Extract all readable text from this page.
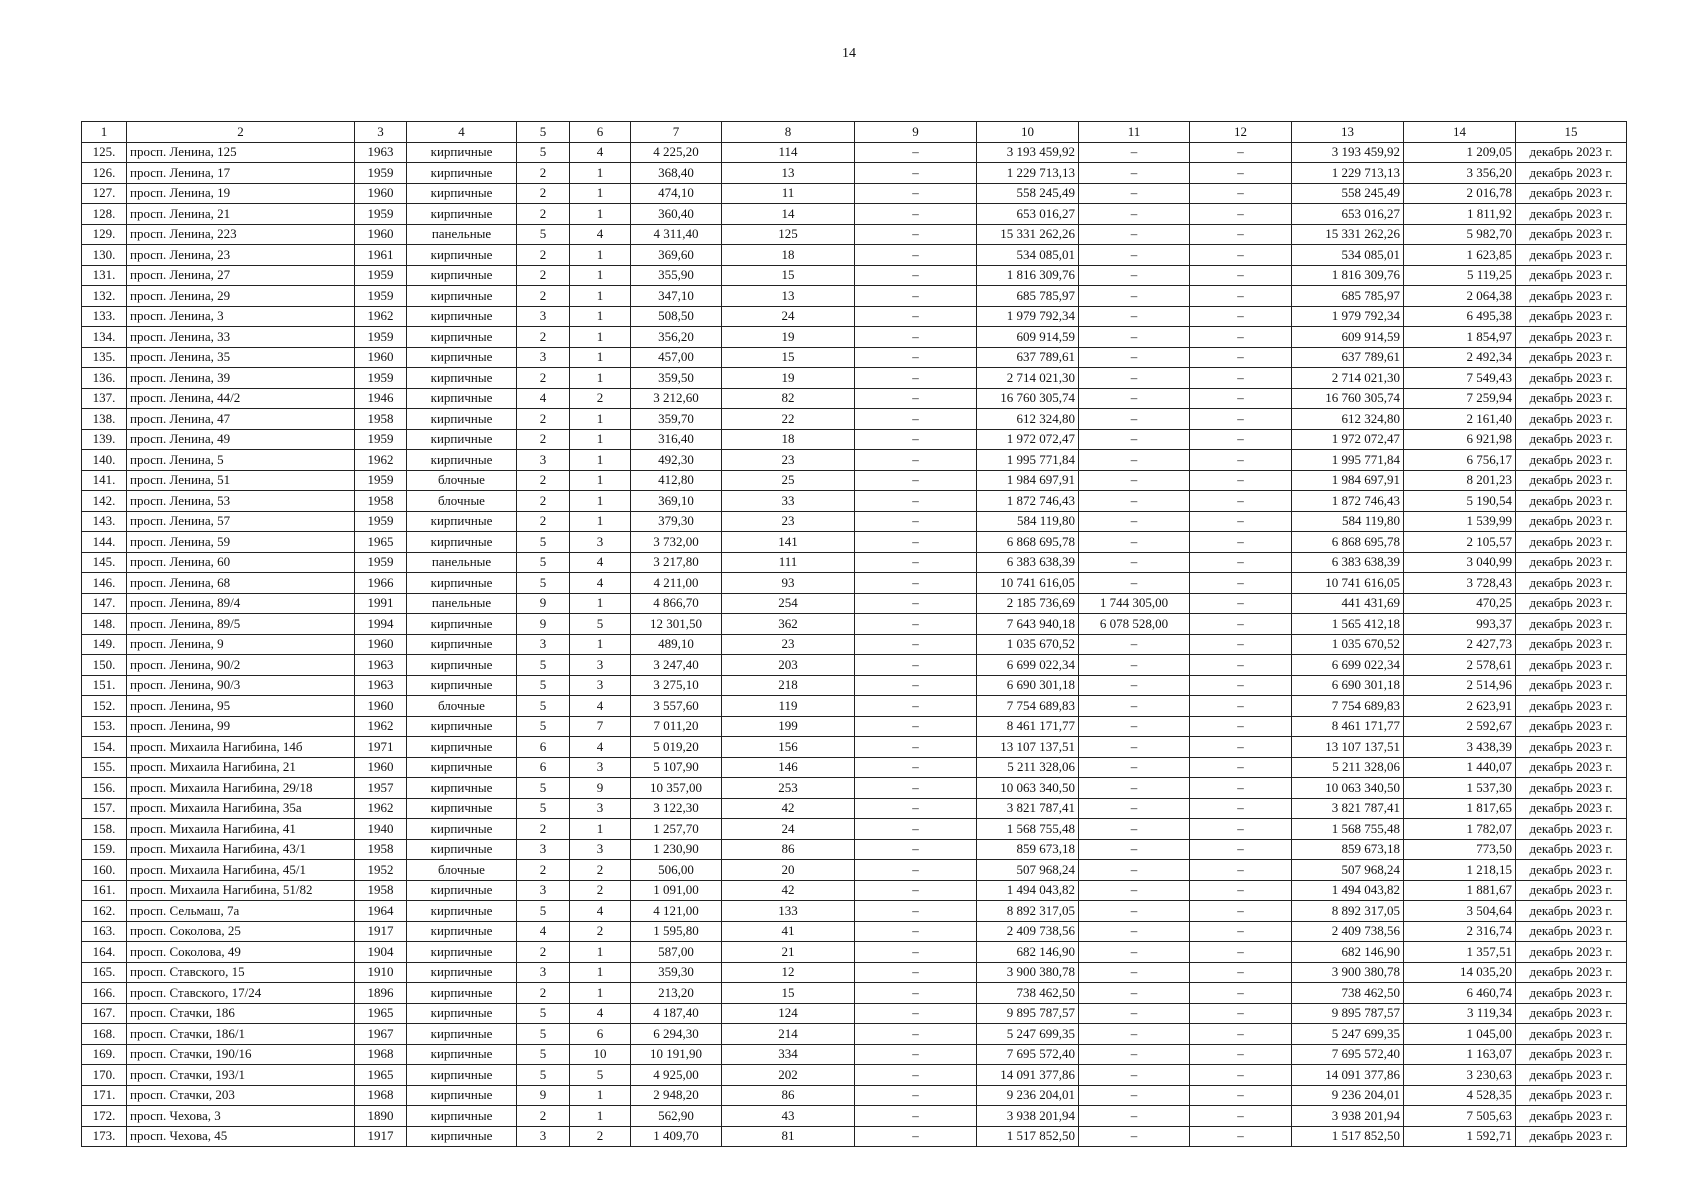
14
1	2	3	4	5	6	7	8	9	10	11	12	13	14	15
125.	просп. Ленина, 125	1963	кирпичные	5	4	4 225,20	114	–	3 193 459,92	–	–	3 193 459,92	1 209,05	декабрь 2023 г.
126.	просп. Ленина, 17	1959	кирпичные	2	1	368,40	13	–	1 229 713,13	–	–	1 229 713,13	3 356,20	декабрь 2023 г.
127.	просп. Ленина, 19	1960	кирпичные	2	1	474,10	11	–	558 245,49	–	–	558 245,49	2 016,78	декабрь 2023 г.
128.	просп. Ленина, 21	1959	кирпичные	2	1	360,40	14	–	653 016,27	–	–	653 016,27	1 811,92	декабрь 2023 г.
129.	просп. Ленина, 223	1960	панельные	5	4	4 311,40	125	–	15 331 262,26	–	–	15 331 262,26	5 982,70	декабрь 2023 г.
130.	просп. Ленина, 23	1961	кирпичные	2	1	369,60	18	–	534 085,01	–	–	534 085,01	1 623,85	декабрь 2023 г.
131.	просп. Ленина, 27	1959	кирпичные	2	1	355,90	15	–	1 816 309,76	–	–	1 816 309,76	5 119,25	декабрь 2023 г.
132.	просп. Ленина, 29	1959	кирпичные	2	1	347,10	13	–	685 785,97	–	–	685 785,97	2 064,38	декабрь 2023 г.
133.	просп. Ленина, 3	1962	кирпичные	3	1	508,50	24	–	1 979 792,34	–	–	1 979 792,34	6 495,38	декабрь 2023 г.
134.	просп. Ленина, 33	1959	кирпичные	2	1	356,20	19	–	609 914,59	–	–	609 914,59	1 854,97	декабрь 2023 г.
135.	просп. Ленина, 35	1960	кирпичные	3	1	457,00	15	–	637 789,61	–	–	637 789,61	2 492,34	декабрь 2023 г.
136.	просп. Ленина, 39	1959	кирпичные	2	1	359,50	19	–	2 714 021,30	–	–	2 714 021,30	7 549,43	декабрь 2023 г.
137.	просп. Ленина, 44/2	1946	кирпичные	4	2	3 212,60	82	–	16 760 305,74	–	–	16 760 305,74	7 259,94	декабрь 2023 г.
138.	просп. Ленина, 47	1958	кирпичные	2	1	359,70	22	–	612 324,80	–	–	612 324,80	2 161,40	декабрь 2023 г.
139.	просп. Ленина, 49	1959	кирпичные	2	1	316,40	18	–	1 972 072,47	–	–	1 972 072,47	6 921,98	декабрь 2023 г.
140.	просп. Ленина, 5	1962	кирпичные	3	1	492,30	23	–	1 995 771,84	–	–	1 995 771,84	6 756,17	декабрь 2023 г.
141.	просп. Ленина, 51	1959	блочные	2	1	412,80	25	–	1 984 697,91	–	–	1 984 697,91	8 201,23	декабрь 2023 г.
142.	просп. Ленина, 53	1958	блочные	2	1	369,10	33	–	1 872 746,43	–	–	1 872 746,43	5 190,54	декабрь 2023 г.
143.	просп. Ленина, 57	1959	кирпичные	2	1	379,30	23	–	584 119,80	–	–	584 119,80	1 539,99	декабрь 2023 г.
144.	просп. Ленина, 59	1965	кирпичные	5	3	3 732,00	141	–	6 868 695,78	–	–	6 868 695,78	2 105,57	декабрь 2023 г.
145.	просп. Ленина, 60	1959	панельные	5	4	3 217,80	111	–	6 383 638,39	–	–	6 383 638,39	3 040,99	декабрь 2023 г.
146.	просп. Ленина, 68	1966	кирпичные	5	4	4 211,00	93	–	10 741 616,05	–	–	10 741 616,05	3 728,43	декабрь 2023 г.
147.	просп. Ленина, 89/4	1991	панельные	9	1	4 866,70	254	–	2 185 736,69	1 744 305,00	–	441 431,69	470,25	декабрь 2023 г.
148.	просп. Ленина, 89/5	1994	кирпичные	9	5	12 301,50	362	–	7 643 940,18	6 078 528,00	–	1 565 412,18	993,37	декабрь 2023 г.
149.	просп. Ленина, 9	1960	кирпичные	3	1	489,10	23	–	1 035 670,52	–	–	1 035 670,52	2 427,73	декабрь 2023 г.
150.	просп. Ленина, 90/2	1963	кирпичные	5	3	3 247,40	203	–	6 699 022,34	–	–	6 699 022,34	2 578,61	декабрь 2023 г.
151.	просп. Ленина, 90/3	1963	кирпичные	5	3	3 275,10	218	–	6 690 301,18	–	–	6 690 301,18	2 514,96	декабрь 2023 г.
152.	просп. Ленина, 95	1960	блочные	5	4	3 557,60	119	–	7 754 689,83	–	–	7 754 689,83	2 623,91	декабрь 2023 г.
153.	просп. Ленина, 99	1962	кирпичные	5	7	7 011,20	199	–	8 461 171,77	–	–	8 461 171,77	2 592,67	декабрь 2023 г.
154.	просп. Михаила Нагибина, 14б	1971	кирпичные	6	4	5 019,20	156	–	13 107 137,51	–	–	13 107 137,51	3 438,39	декабрь 2023 г.
155.	просп. Михаила Нагибина, 21	1960	кирпичные	6	3	5 107,90	146	–	5 211 328,06	–	–	5 211 328,06	1 440,07	декабрь 2023 г.
156.	просп. Михаила Нагибина, 29/18	1957	кирпичные	5	9	10 357,00	253	–	10 063 340,50	–	–	10 063 340,50	1 537,30	декабрь 2023 г.
157.	просп. Михаила Нагибина, 35а	1962	кирпичные	5	3	3 122,30	42	–	3 821 787,41	–	–	3 821 787,41	1 817,65	декабрь 2023 г.
158.	просп. Михаила Нагибина, 41	1940	кирпичные	2	1	1 257,70	24	–	1 568 755,48	–	–	1 568 755,48	1 782,07	декабрь 2023 г.
159.	просп. Михаила Нагибина, 43/1	1958	кирпичные	3	3	1 230,90	86	–	859 673,18	–	–	859 673,18	773,50	декабрь 2023 г.
160.	просп. Михаила Нагибина, 45/1	1952	блочные	2	2	506,00	20	–	507 968,24	–	–	507 968,24	1 218,15	декабрь 2023 г.
161.	просп. Михаила Нагибина, 51/82	1958	кирпичные	3	2	1 091,00	42	–	1 494 043,82	–	–	1 494 043,82	1 881,67	декабрь 2023 г.
162.	просп. Сельмаш, 7а	1964	кирпичные	5	4	4 121,00	133	–	8 892 317,05	–	–	8 892 317,05	3 504,64	декабрь 2023 г.
163.	просп. Соколова, 25	1917	кирпичные	4	2	1 595,80	41	–	2 409 738,56	–	–	2 409 738,56	2 316,74	декабрь 2023 г.
164.	просп. Соколова, 49	1904	кирпичные	2	1	587,00	21	–	682 146,90	–	–	682 146,90	1 357,51	декабрь 2023 г.
165.	просп. Ставского, 15	1910	кирпичные	3	1	359,30	12	–	3 900 380,78	–	–	3 900 380,78	14 035,20	декабрь 2023 г.
166.	просп. Ставского, 17/24	1896	кирпичные	2	1	213,20	15	–	738 462,50	–	–	738 462,50	6 460,74	декабрь 2023 г.
167.	просп. Стачки, 186	1965	кирпичные	5	4	4 187,40	124	–	9 895 787,57	–	–	9 895 787,57	3 119,34	декабрь 2023 г.
168.	просп. Стачки, 186/1	1967	кирпичные	5	6	6 294,30	214	–	5 247 699,35	–	–	5 247 699,35	1 045,00	декабрь 2023 г.
169.	просп. Стачки, 190/16	1968	кирпичные	5	10	10 191,90	334	–	7 695 572,40	–	–	7 695 572,40	1 163,07	декабрь 2023 г.
170.	просп. Стачки, 193/1	1965	кирпичные	5	5	4 925,00	202	–	14 091 377,86	–	–	14 091 377,86	3 230,63	декабрь 2023 г.
171.	просп. Стачки, 203	1968	кирпичные	9	1	2 948,20	86	–	9 236 204,01	–	–	9 236 204,01	4 528,35	декабрь 2023 г.
172.	просп. Чехова, 3	1890	кирпичные	2	1	562,90	43	–	3 938 201,94	–	–	3 938 201,94	7 505,63	декабрь 2023 г.
173.	просп. Чехова, 45	1917	кирпичные	3	2	1 409,70	81	–	1 517 852,50	–	–	1 517 852,50	1 592,71	декабрь 2023 г.
